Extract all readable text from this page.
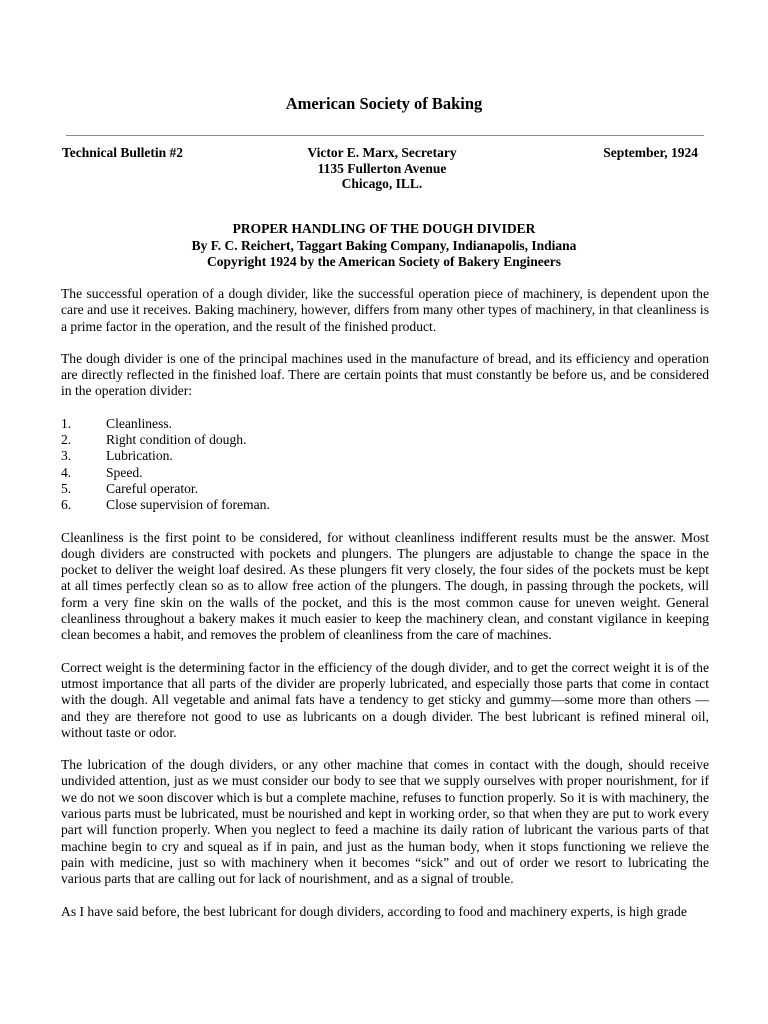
American Society of Baking
Technical Bulletin #2	Victor E. Marx, Secretary
1135 Fullerton Avenue
Chicago, ILL.
September, 1924
PROPER HANDLING OF THE DOUGH DIVIDER
By F. C. Reichert, Taggart Baking Company, Indianapolis, Indiana
Copyright 1924 by the American Society of Bakery Engineers

The successful operation of a dough divider, like the successful operation piece of machinery, is dependent upon the care and use it receives. Baking machinery, however, differs from many other types of machinery, in that cleanliness is a prime factor in the operation, and the result of the finished product.

The dough divider is one of the principal machines used in the manufacture of bread, and its efficiency and operation are directly reflected in the finished loaf. There are certain points that must constantly be before us, and be considered in the operation divider:

1.	Cleanliness.
2.	Right condition of dough.
3.	Lubrication.
4.	Speed.
5.	Careful operator.
6.	Close supervision of foreman.

Cleanliness is the first point to be considered, for without cleanliness indifferent results must be the answer. Most dough dividers are constructed with pockets and plungers. The plungers are adjustable to change the space in the pocket to deliver the weight loaf desired. As these plungers fit very closely, the four sides of the pockets must be kept at all times perfectly clean so as to allow free action of the plungers. The dough, in passing through the pockets, will form a very fine skin on the walls of the pocket, and this is the most common cause for uneven weight. General cleanliness throughout a bakery makes it much easier to keep the machinery clean, and constant vigilance in keeping clean becomes a habit, and removes the problem of cleanliness from the care of machines.

Correct weight is the determining factor in the efficiency of the dough divider, and to get the correct weight it is of the utmost importance that all parts of the divider are properly lubricated, and especially those parts that come in contact with the dough. All vegetable and animal fats have a tendency to get sticky and gummy—some more than others —and they are therefore not good to use as lubricants on a dough divider. The best lubricant is refined mineral oil, without taste or odor.

The lubrication of the dough dividers, or any other machine that comes in contact with the dough, should receive undivided attention, just as we must consider our body to see that we supply ourselves with proper nourishment, for if we do not we soon discover which is but a complete machine, refuses to function properly. So it is with machinery, the various parts must be lubricated, must be nourished and kept in working order, so that when they are put to work every part will function properly. When you neglect to feed a machine its daily ration of lubricant the various parts of that machine begin to cry and squeal as if in pain, and just as the human body, when it stops functioning we relieve the pain with medicine, just so with machinery when it becomes “sick” and out of order we resort to lubricating the various parts that are calling out for lack of nourishment, and as a signal of trouble.

As I have said before, the best lubricant for dough dividers, according to food and machinery experts, is high grade
